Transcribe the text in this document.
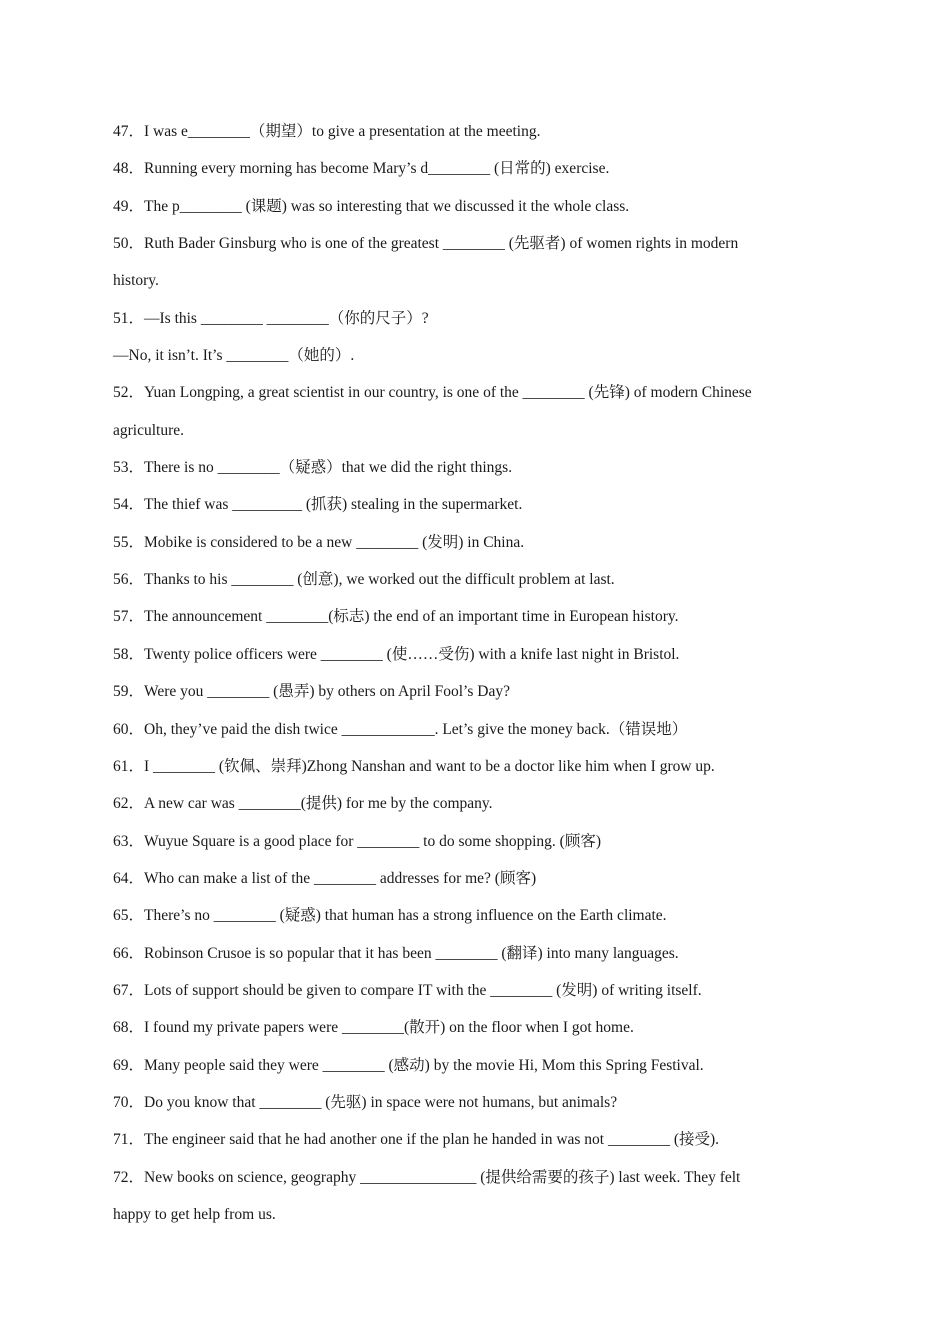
47．I was e________（期望）to give a presentation at the meeting.

48．Running every morning has become Mary’s d________ (日常的) exercise.

49．The p________ (课题) was so interesting that we discussed it the whole class.

50．Ruth Bader Ginsburg who is one of the greatest ________ (先驱者) of women rights in modern

history.

51．—Is this ________ ________（你的尺子）?

—No, it isn’t. It’s ________（她的）.

52．Yuan Longping, a great scientist in our country, is one of the ________ (先锋) of modern Chinese

agriculture.

53．There is no ________（疑惑）that we did the right things.

54．The thief was _________ (抓获) stealing in the supermarket.

55．Mobike is considered to be a new ________ (发明) in China.

56．Thanks to his ________ (创意), we worked out the difficult problem at last.

57．The announcement ________(标志) the end of an important time in European history.

58．Twenty police officers were ________ (使……受伤) with a knife last night in Bristol.

59．Were you ________ (愚弄) by others on April Fool’s Day?

60．Oh, they’ve paid the dish twice ____________. Let’s give the money back.（错误地）

61．I ________ (钦佩、崇拜)Zhong Nanshan and want to be a doctor like him when I grow up.

62．A new car was ________(提供) for me by the company.

63．Wuyue Square is a good place for ________ to do some shopping. (顾客)

64．Who can make a list of the ________ addresses for me? (顾客)

65．There’s no ________ (疑惑) that human has a strong influence on the Earth climate.

66．Robinson Crusoe is so popular that it has been ________ (翻译) into many languages.

67．Lots of support should be given to compare IT with the ________ (发明) of writing itself.

68．I found my private papers were ________(散开) on the floor when I got home.

69．Many people said they were ________ (感动) by the movie Hi, Mom this Spring Festival.

70．Do you know that ________ (先驱) in space were not humans, but animals?

71．The engineer said that he had another one if the plan he handed in was not ________ (接受).

72．New books on science, geography _______________ (提供给需要的孩子) last week. They felt

happy to get help from us.
